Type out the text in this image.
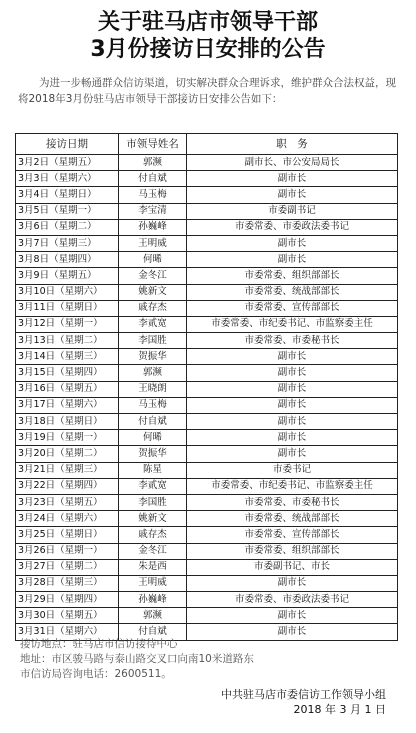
关于驻马店市领导干部
3月份接访日安排的公告
为进一步畅通群众信访渠道，切实解决群众合理诉求，维护群众合法权益，现将2018年3月份驻马店市领导干部接访日安排公告如下：
接访日期	市领导姓名	职　务
3月2日（星期五）	郭濒	副市长、市公安局局长
3月3日（星期六）	付自斌	副市长
3月4日（星期日）	马玉梅	副市长
3月5日（星期一）	李宝清	市委副书记
3月6日（星期二）	孙巍峰	市委常委、市委政法委书记
3月7日（星期三）	王明威	副市长
3月8日（星期四）	何晞	副市长
3月9日（星期五）	金冬江	市委常委、组织部部长
3月10日（星期六）	姚新文	市委常委、统战部部长
3月11日（星期日）	戚存杰	市委常委、宣传部部长
3月12日（星期一）	李贰宽	市委常委、市纪委书记、市监察委主任
3月13日（星期二）	李国胜	市委常委、市委秘书长
3月14日（星期三）	贺振华	副市长
3月15日（星期四）	郭濒	副市长
3月16日（星期五）	王晓朗	副市长
3月17日（星期六）	马玉梅	副市长
3月18日（星期日）	付自斌	副市长
3月19日（星期一）	何晞	副市长
3月20日（星期二）	贺振华	副市长
3月21日（星期三）	陈星	市委书记
3月22日（星期四）	李贰宽	市委常委、市纪委书记、市监察委主任
3月23日（星期五）	李国胜	市委常委、市委秘书长
3月24日（星期六）	姚新文	市委常委、统战部部长
3月25日（星期日）	戚存杰	市委常委、宣传部部长
3月26日（星期一）	金冬江	市委常委、组织部部长
3月27日（星期二）	朱是西	市委副书记、市长
3月28日（星期三）	王明威	副市长
3月29日（星期四）	孙巍峰	市委常委、市委政法委书记
3月30日（星期五）	郭濒	副市长
3月31日（星期六）	付自斌	副市长
接访地点：驻马店市信访接待中心
地址：市区骏马路与泰山路交叉口向南10米道路东
市信访局咨询电话：2600511。
中共驻马店市委信访工作领导小组
2018 年 3 月 1 日
